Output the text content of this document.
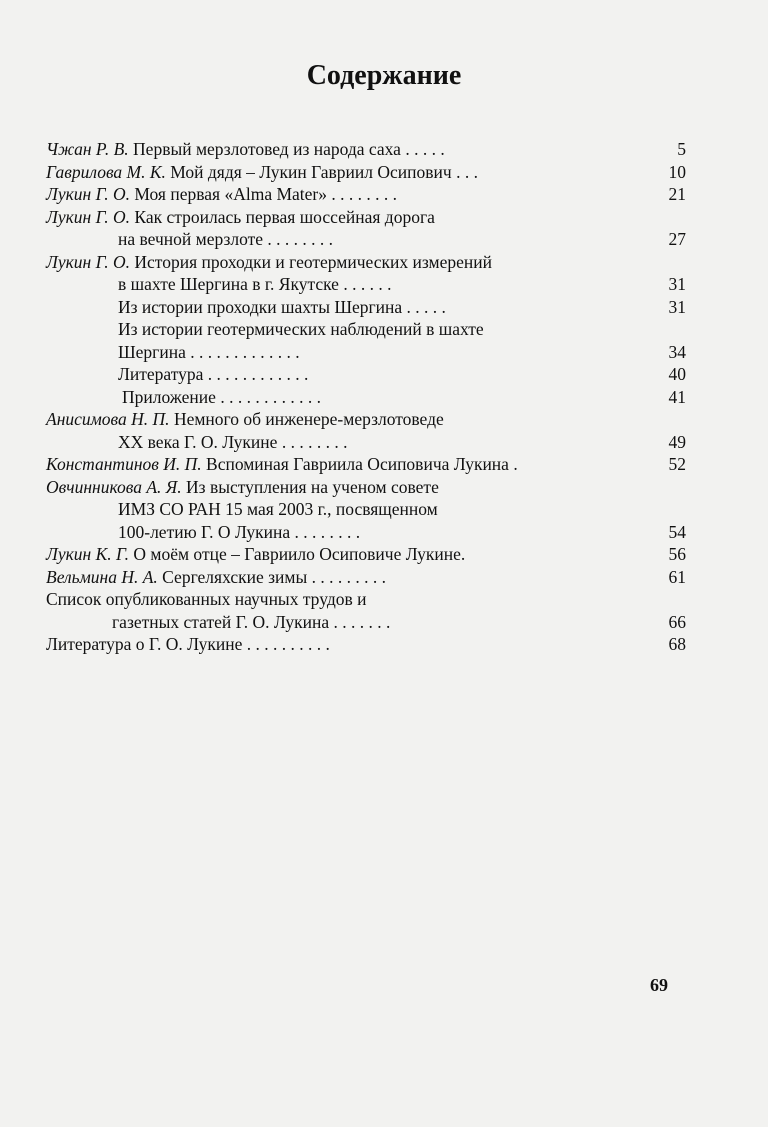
Содержание
Чжан Р. В. Первый мерзлотовед из народа саха . . . . .	5
Гаврилова М. К. Мой дядя – Лукин Гавриил Осипович . . .	10
Лукин Г. О. Моя первая «Alma Mater» . . . . . . . .	21
Лукин Г. О. Как строилась первая шоссейная дорога
на вечной мерзлоте . . . . . . . .	27
Лукин Г. О. История проходки и геотермических измерений
в шахте Шергина в г. Якутске . . . . . .	31
Из истории проходки шахты Шергина . . . . .	31
Из истории геотермических наблюдений в шахте
Шергина . . . . . . . . . . . . .	34
Литература . . . . . . . . . . . .	40
Приложение . . . . . . . . . . . .	41
Анисимова Н. П. Немного об инженере-мерзлотоведе
XX века Г. О. Лукине . . . . . . . .	49
Константинов И. П. Вспоминая Гавриила Осиповича Лукина .	52
Овчинникова А. Я. Из выступления на ученом совете
ИМЗ СО РАН 15 мая 2003 г., посвященном
100-летию Г. О Лукина . . . . . . . .	54
Лукин К. Г. О моём отце – Гавриило Осиповиче Лукине.	56
Вельмина Н. А. Сергеляхские зимы . . . . . . . . .	61
Список опубликованных научных трудов и
газетных статей Г. О. Лукина . . . . . . .	66
Литература о Г. О. Лукине . . . . . . . . . .	68
69
